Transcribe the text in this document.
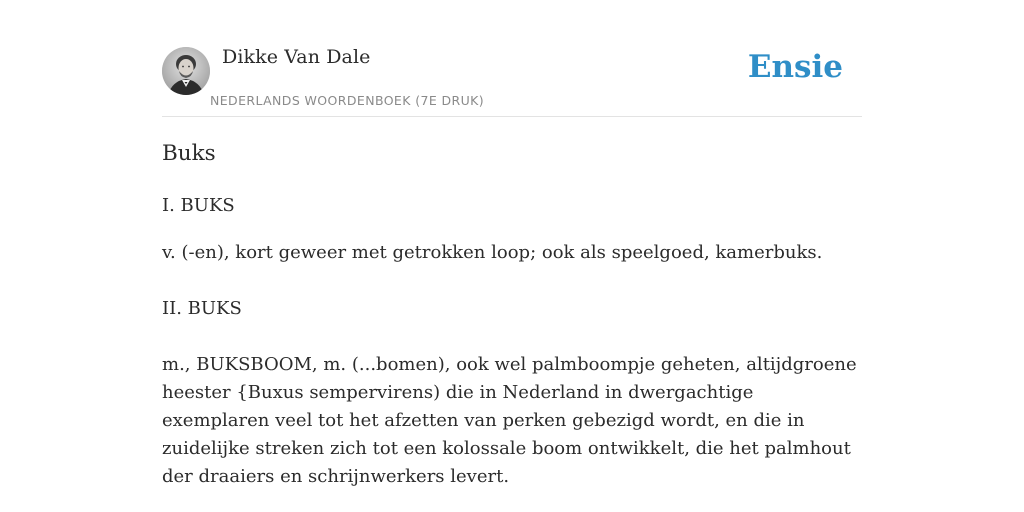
Dikke Van Dale
NEDERLANDS WOORDENBOEK (7E DRUK)
Ensie
Buks

I. BUKS

v. (-en), kort geweer met getrokken loop; ook als speelgoed, kamerbuks.

II. BUKS

m., BUKSBOOM, m. (...bomen), ook wel palmboompje geheten, altijdgroene heester {Buxus sempervirens) die in Nederland in dwergachtige exemplaren veel tot het afzetten van perken gebezigd wordt, en die in zuidelijke streken zich tot een kolossale boom ontwikkelt, die het palmhout der draaiers en schrijnwerkers levert.
